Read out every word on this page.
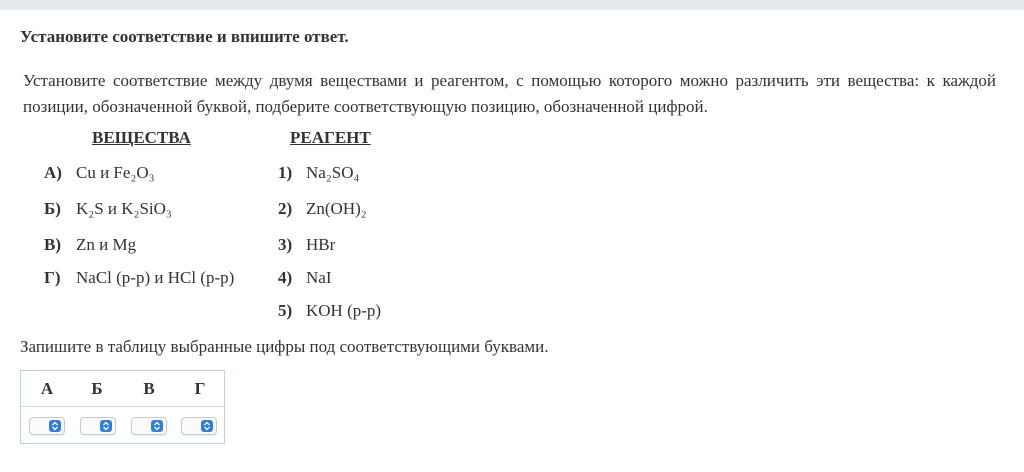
Установите соответствие и впишите ответ.
Установите соответствие между двумя веществами и реагентом, с помощью которого можно различить эти вещества: к каждой позиции, обозначенной буквой, подберите соответствующую позицию, обозначенной цифрой.
ВЕЩЕСТВА	РЕАГЕНТ
А) Cu и Fe₂O₃
Б) K₂S и K₂SiO₃
В) Zn и Mg
Г) NaCl (р-р) и HCl (р-р)
1) Na₂SO₄
2) Zn(OH)₂
3) HBr
4) NaI
5) KOH (р-р)
Запишите в таблицу выбранные цифры под соответствующими буквами.
А	Б	В	Г
